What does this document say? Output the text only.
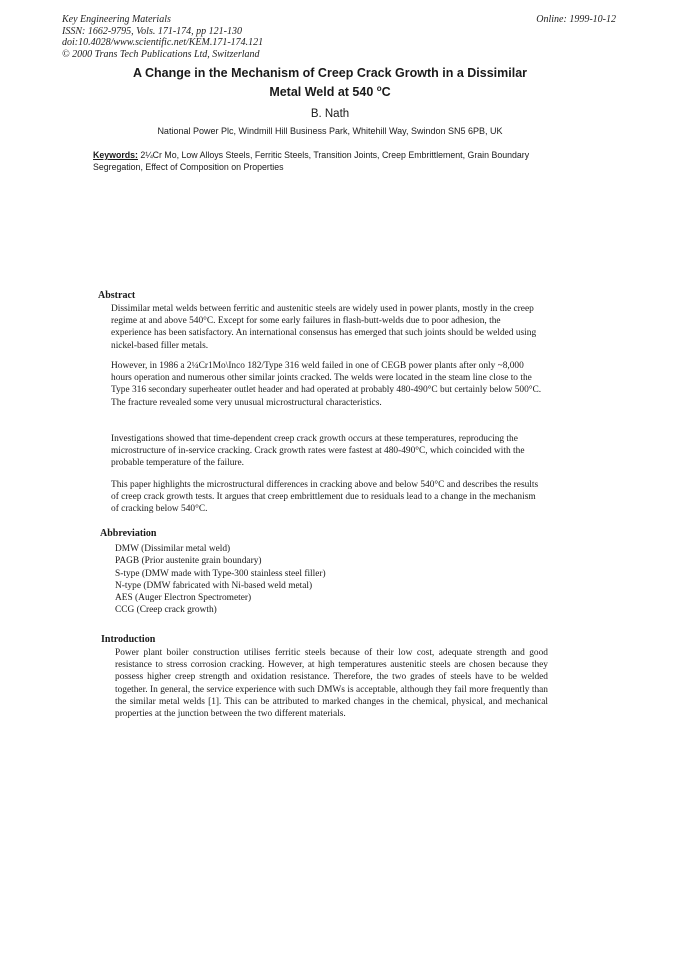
Key Engineering Materials
ISSN: 1662-9795, Vols. 171-174, pp 121-130
doi:10.4028/www.scientific.net/KEM.171-174.121
© 2000 Trans Tech Publications Ltd, Switzerland
Online: 1999-10-12
A Change in the Mechanism of Creep Crack Growth in a Dissimilar
Metal Weld at 540 $^o$C
B. Nath
National Power Plc, Windmill Hill Business Park, Whitehill Way, Swindon SN5 6PB, UK
Keywords: 2¼Cr Mo, Low Alloys Steels, Ferritic Steels, Transition Joints, Creep Embrittlement, Grain Boundary Segregation, Effect of Composition on Properties
Abstract
Dissimilar metal welds between ferritic and austenitic steels are widely used in power plants, mostly in the creep regime at and above 540°C. Except for some early failures in flash-butt-welds due to poor adhesion, the experience has been satisfactory. An international consensus has emerged that such joints should be welded using nickel-based filler metals.
However, in 1986 a 2¼Cr1Mo\Inco 182/Type 316 weld failed in one of CEGB power plants after only ~8,000 hours operation and numerous other similar joints cracked. The welds were located in the steam line close to the Type 316 secondary superheater outlet header and had operated at probably 480-490°C but certainly below 500°C. The fracture revealed some very unusual microstructural characteristics.
Investigations showed that time-dependent creep crack growth occurs at these temperatures, reproducing the microstructure of in-service cracking. Crack growth rates were fastest at 480-490°C, which coincided with the probable temperature of the failure.
This paper highlights the microstructural differences in cracking above and below 540°C and describes the results of creep crack growth tests. It argues that creep embrittlement due to residuals lead to a change in the mechanism of cracking below 540°C.
Abbreviation
DMW (Dissimilar metal weld)
PAGB (Prior austenite grain boundary)
S-type (DMW made with Type-300 stainless steel filler)
N-type (DMW fabricated with Ni-based weld metal)
AES (Auger Electron Spectrometer)
CCG (Creep crack growth)
Introduction
Power plant boiler construction utilises ferritic steels because of their low cost, adequate strength and good resistance to stress corrosion cracking. However, at high temperatures austenitic steels are chosen because they possess higher creep strength and oxidation resistance. Therefore, the two grades of steels have to be welded together. In general, the service experience with such DMWs is acceptable, although they fail more frequently than the similar metal welds [1]. This can be attributed to marked changes in the chemical, physical, and mechanical properties at the junction between the two different materials.
